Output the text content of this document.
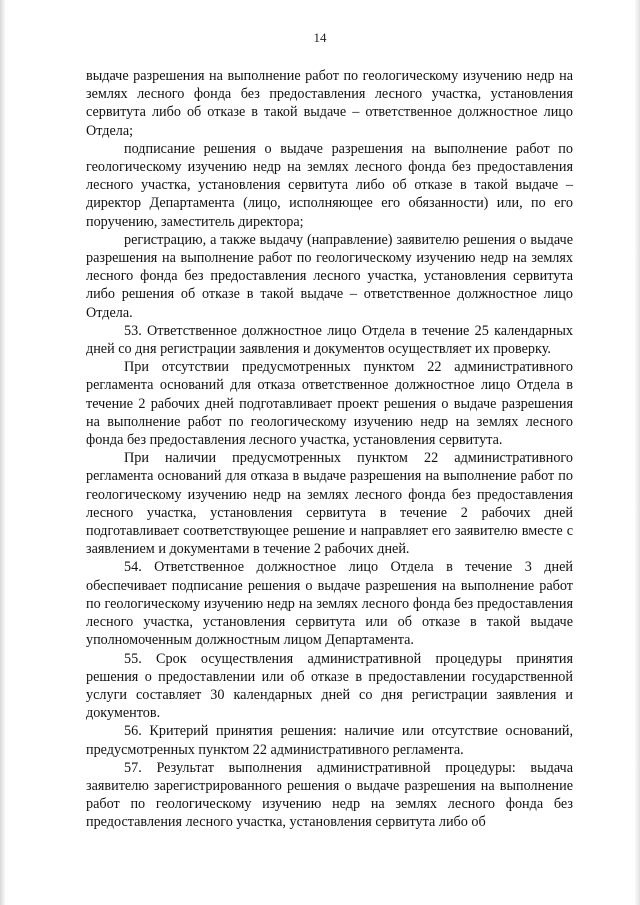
14

выдаче разрешения на выполнение работ по геологическому изучению недр на землях лесного фонда без предоставления лесного участка, установления сервитута либо об отказе в такой выдаче – ответственное должностное лицо Отдела;

подписание решения о выдаче разрешения на выполнение работ по геологическому изучению недр на землях лесного фонда без предоставления лесного участка, установления сервитута либо об отказе в такой выдаче – директор Департамента (лицо, исполняющее его обязанности) или, по его поручению, заместитель директора;

регистрацию, а также выдачу (направление) заявителю решения о выдаче разрешения на выполнение работ по геологическому изучению недр на землях лесного фонда без предоставления лесного участка, установления сервитута либо решения об отказе в такой выдаче – ответственное должностное лицо Отдела.

53. Ответственное должностное лицо Отдела в течение 25 календарных дней со дня регистрации заявления и документов осуществляет их проверку.

При отсутствии предусмотренных пунктом 22 административного регламента оснований для отказа ответственное должностное лицо Отдела в течение 2 рабочих дней подготавливает проект решения о выдаче разрешения на выполнение работ по геологическому изучению недр на землях лесного фонда без предоставления лесного участка, установления сервитута.

При наличии предусмотренных пунктом 22 административного регламента оснований для отказа в выдаче разрешения на выполнение работ по геологическому изучению недр на землях лесного фонда без предоставления лесного участка, установления сервитута в течение 2 рабочих дней подготавливает соответствующее решение и направляет его заявителю вместе с заявлением и документами в течение 2 рабочих дней.

54. Ответственное должностное лицо Отдела в течение 3 дней обеспечивает подписание решения о выдаче разрешения на выполнение работ по геологическому изучению недр на землях лесного фонда без предоставления лесного участка, установления сервитута или об отказе в такой выдаче уполномоченным должностным лицом Департамента.

55. Срок осуществления административной процедуры принятия решения о предоставлении или об отказе в предоставлении государственной услуги составляет 30 календарных дней со дня регистрации заявления и документов.

56. Критерий принятия решения: наличие или отсутствие оснований, предусмотренных пунктом 22 административного регламента.

57. Результат выполнения административной процедуры: выдача заявителю зарегистрированного решения о выдаче разрешения на выполнение работ по геологическому изучению недр на землях лесного фонда без предоставления лесного участка, установления сервитута либо об
